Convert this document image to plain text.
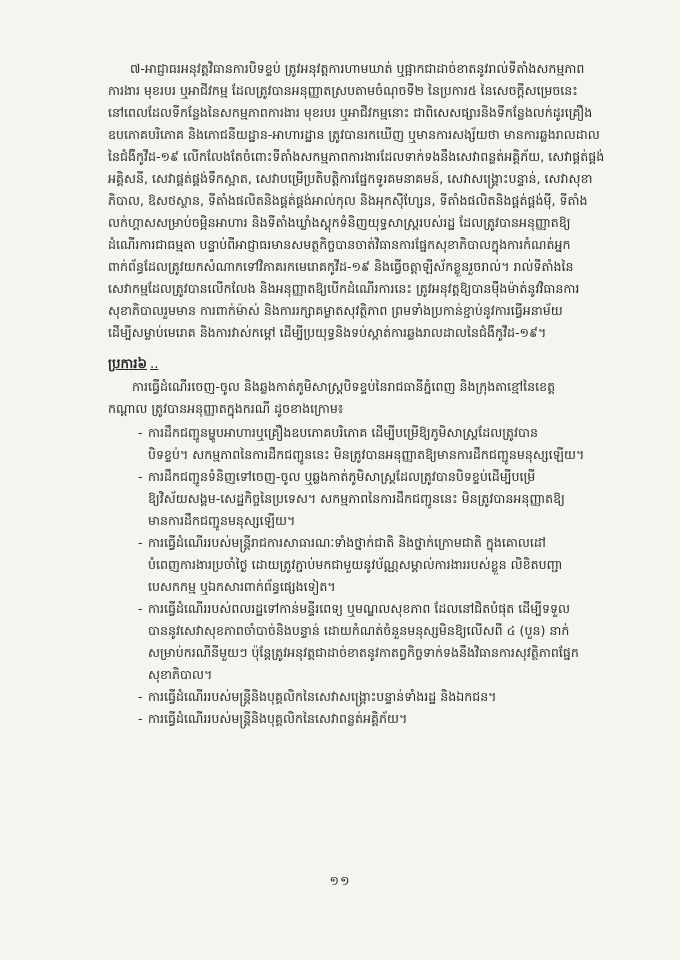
៧-អាជ្ញាធរអនុវត្តវិធានការបិទខ្ទប់ ត្រូវអនុវត្តការហាមឃាត់ ឬផ្អាកជាដាច់ខាតនូវរាល់ទីតាំងសកម្មភាព
ការងារ មុខរបរ ឬអាជីវកម្ម ដែលត្រូវបានអនុញ្ញាតស្របតាមចំណុចទី២ នៃប្រការ៥ នៃសេចក្ដីសម្រេចនេះ
នៅពេលដែលទីកន្លែងនៃសកម្មភាពការងារ មុខរបរ ឬអាជីវកម្មនោះ ជាពិសេសផ្សារនិងទីកន្លែងលក់ដូរគ្រឿង
ឧបភោគបរិភោគ និងភោជនីយដ្ឋាន-អាហារដ្ឋាន ត្រូវបានរកឃើញ ឬមានការសង្ស័យថា មានការឆ្លងរាលដាល
នៃជំងឺកូវីដ-១៩ លើកលែងតែចំពោះទីតាំងសកម្មភាពការងារដែលទាក់ទងនឹងសេវាពន្លត់អគ្គិភ័យ, សេវាផ្គត់ផ្គង់
អគ្គិសនី, សេវាផ្គត់ផ្គង់ទឹកស្អាត, សេវាបម្រើប្រតិបត្តិការផ្នែកទូរគមនាគមន៍, សេវាសង្គ្រោះបន្ទាន់, សេវាសុខា
ភិបាល, ឱសថស្ថាន, ទីតាំងផលិតនិងផ្គត់ផ្គង់អាល់កុល និងអុកស៊ីហ្សែន, ទីតាំងផលិតនិងផ្គត់ផ្គង់ម៉ី, ទីតាំង
លក់ហ្គាសសម្រាប់ចម្អិនអាហារ និងទីតាំងឃ្លាំងស្តុកទំនិញយុទ្ធសាស្ត្ររបស់រដ្ឋ ដែលត្រូវបានអនុញ្ញាតឱ្យ
ដំណើរការជាធម្មតា បន្ទាប់ពីអាជ្ញាធរមានសមត្ថកិច្ចបានចាត់វិធានការផ្នែកសុខាភិបាលក្នុងការកំណត់អ្នក
ពាក់ព័ន្ធដែលត្រូវយកសំណាកទៅវិភាគរកមេរោគកូវីដ-១៩ និងធ្វើចត្តាឡីស័កខ្លួនរួចរាល់។ រាល់ទីតាំងនៃ
សេវាកម្មដែលត្រូវបានលើកលែង និងអនុញ្ញាតឱ្យបើកដំណើរការនេះ ត្រូវអនុវត្តឱ្យបានម៉ឺងម៉ាត់នូវវិធានការ
សុខាភិបាលរួមមាន ការពាក់ម៉ាស់ និងការរក្សាគម្លាតសុវត្ថិភាព ព្រមទាំងប្រកាន់ខ្ជាប់នូវការធ្វើអនាម័យ
ដើម្បីសម្លាប់មេរោគ និងការវាស់កម្ដៅ ដើម្បីប្រយុទ្ធនិងទប់ស្កាត់ការឆ្លងរាលដាលនៃជំងឺកូវីដ-១៩។
ប្រការ៦ ..
ការធ្វើដំណើរចេញ-ចូល និងឆ្លងកាត់ភូមិសាស្ត្របិទខ្ទប់នៃរាជធានីភ្នំពេញ និងក្រុងតាខ្មៅនៃខេត្ត
កណ្ដាល ត្រូវបានអនុញ្ញាតក្នុងករណី ដូចខាងក្រោម៖
- ការដឹកជញ្ជូនម្ហូបអាហារឬគ្រឿងឧបភោគបរិភោគ ដើម្បីបម្រើឱ្យភូមិសាស្ត្រដែលត្រូវបាន
បិទខ្ទប់។ សកម្មភាពនៃការដឹកជញ្ជូននេះ មិនត្រូវបានអនុញ្ញាតឱ្យមានការដឹកជញ្ជូនមនុស្សឡើយ។
- ការដឹកជញ្ជូនទំនិញទៅចេញ-ចូល ឬឆ្លងកាត់ភូមិសាស្ត្រដែលត្រូវបានបិទខ្ទប់ដើម្បីបម្រើ
ឱ្យវិស័យសង្គម-សេដ្ឋកិច្ចនៃប្រទេស។ សកម្មភាពនៃការដឹកជញ្ជូននេះ មិនត្រូវបានអនុញ្ញាតឱ្យ
មានការដឹកជញ្ជូនមនុស្សឡើយ។
- ការធ្វើដំណើររបស់មន្ត្រីរាជការសាធារណៈទាំងថ្នាក់ជាតិ និងថ្នាក់ក្រោមជាតិ ក្នុងគោលដៅ
បំពេញការងារប្រចាំថ្ងៃ ដោយត្រូវភ្ជាប់មកជាមួយនូវប័ណ្ណសម្គាល់ការងាររបស់ខ្លួន លិខិតបញ្ជា
បេសកកម្ម ឬឯកសារពាក់ព័ន្ធផ្សេងទៀត។
- ការធ្វើដំណើររបស់ពលរដ្ឋទៅកាន់មន្ទីរពេទ្យ ឬមណ្ឌលសុខភាព ដែលនៅជិតបំផុត ដើម្បីទទួល
បាននូវសេវាសុខភាពចាំបាច់និងបន្ទាន់ ដោយកំណត់ចំនួនមនុស្សមិនឱ្យលើសពី ៤ (បួន) នាក់
សម្រាប់ករណីនីមួយៗ ប៉ុន្តែត្រូវអនុវត្តជាដាច់ខាតនូវកាតព្វកិច្ចទាក់ទងនឹងវិធានការសុវត្ថិភាពផ្នែក
សុខាភិបាល។
- ការធ្វើដំណើររបស់មន្ត្រីនិងបុគ្គលិកនៃសេវាសង្គ្រោះបន្ទាន់ទាំងរដ្ឋ និងឯកជន។
- ការធ្វើដំណើររបស់មន្ត្រីនិងបុគ្គលិកនៃសេវាពន្លត់អគ្គិភ័យ។
១១
